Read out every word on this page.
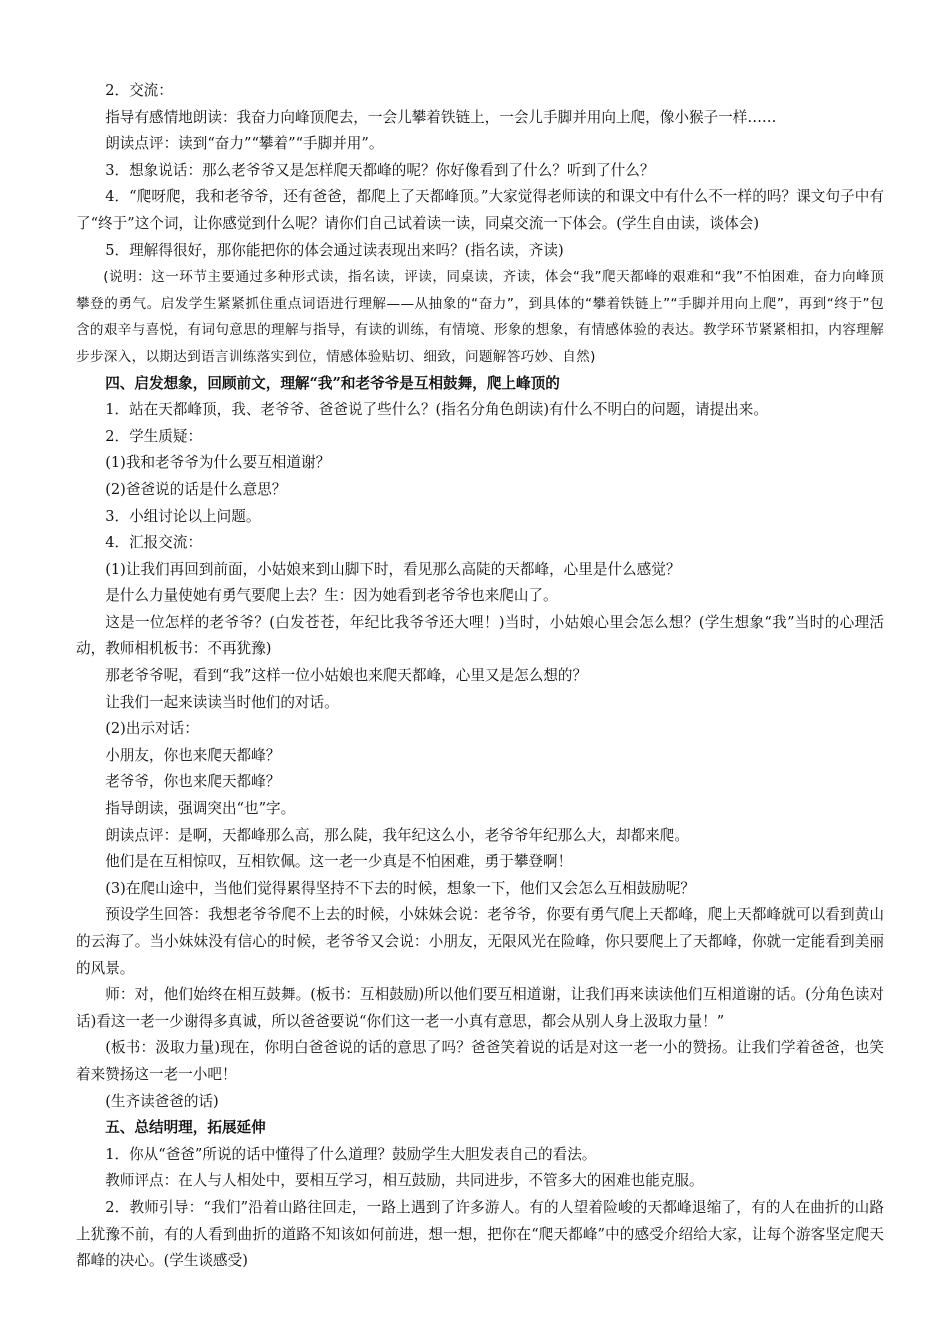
2．交流：

指导有感情地朗读：我奋力向峰顶爬去，一会儿攀着铁链上，一会儿手脚并用向上爬，像小猴子一样……

朗读点评：读到“奋力”“攀着”“手脚并用”。

3．想象说话：那么老爷爷又是怎样爬天都峰的呢？你好像看到了什么？听到了什么？

4．“爬呀爬，我和老爷爷，还有爸爸，都爬上了天都峰顶。”大家觉得老师读的和课文中有什么不一样的吗？课文句子中有了“终于”这个词，让你感觉到什么呢？请你们自己试着读一读，同桌交流一下体会。(学生自由读，谈体会)

5．理解得很好，那你能把你的体会通过读表现出来吗？(指名读，齐读)

(说明：这一环节主要通过多种形式读，指名读，评读，同桌读，齐读，体会“我”爬天都峰的艰难和“我”不怕困难，奋力向峰顶攀登的勇气。启发学生紧紧抓住重点词语进行理解——从抽象的“奋力”，到具体的“攀着铁链上”“手脚并用向上爬”，再到“终于”包含的艰辛与喜悦，有词句意思的理解与指导，有读的训练，有情境、形象的想象，有情感体验的表达。教学环节紧紧相扣，内容理解步步深入，以期达到语言训练落实到位，情感体验贴切、细致，问题解答巧妙、自然)

四、启发想象，回顾前文，理解“我”和老爷爷是互相鼓舞，爬上峰顶的

1．站在天都峰顶，我、老爷爷、爸爸说了些什么？(指名分角色朗读)有什么不明白的问题，请提出来。

2．学生质疑：

(1)我和老爷爷为什么要互相道谢？

(2)爸爸说的话是什么意思？

3．小组讨论以上问题。

4．汇报交流：

(1)让我们再回到前面，小姑娘来到山脚下时，看见那么高陡的天都峰，心里是什么感觉？

是什么力量使她有勇气要爬上去？生：因为她看到老爷爷也来爬山了。

这是一位怎样的老爷爷？(白发苍苍，年纪比我爷爷还大哩！)当时，小姑娘心里会怎么想？(学生想象“我”当时的心理活动，教师相机板书：不再犹豫)

那老爷爷呢，看到“我”这样一位小姑娘也来爬天都峰，心里又是怎么想的？

让我们一起来读读当时他们的对话。

(2)出示对话：

小朋友，你也来爬天都峰？

老爷爷，你也来爬天都峰？

指导朗读，强调突出“也”字。

朗读点评：是啊，天都峰那么高，那么陡，我年纪这么小，老爷爷年纪那么大，却都来爬。

他们是在互相惊叹，互相钦佩。这一老一少真是不怕困难，勇于攀登啊！

(3)在爬山途中，当他们觉得累得坚持不下去的时候，想象一下，他们又会怎么互相鼓励呢？

预设学生回答：我想老爷爷爬不上去的时候，小妹妹会说：老爷爷，你要有勇气爬上天都峰，爬上天都峰就可以看到黄山的云海了。当小妹妹没有信心的时候，老爷爷又会说：小朋友，无限风光在险峰，你只要爬上了天都峰，你就一定能看到美丽的风景。

师：对，他们始终在相互鼓舞。(板书：互相鼓励)所以他们要互相道谢，让我们再来读读他们互相道谢的话。(分角色读对话)看这一老一少谢得多真诚，所以爸爸要说“你们这一老一小真有意思，都会从别人身上汲取力量！”

(板书：汲取力量)现在，你明白爸爸说的话的意思了吗？爸爸笑着说的话是对这一老一小的赞扬。让我们学着爸爸，也笑着来赞扬这一老一小吧！

(生齐读爸爸的话)

五、总结明理，拓展延伸

1．你从“爸爸”所说的话中懂得了什么道理？鼓励学生大胆发表自己的看法。

教师评点：在人与人相处中，要相互学习，相互鼓励，共同进步，不管多大的困难也能克服。

2．教师引导：“我们”沿着山路往回走，一路上遇到了许多游人。有的人望着险峻的天都峰退缩了，有的人在曲折的山路上犹豫不前，有的人看到曲折的道路不知该如何前进，想一想，把你在“爬天都峰”中的感受介绍给大家，让每个游客坚定爬天都峰的决心。(学生谈感受)
